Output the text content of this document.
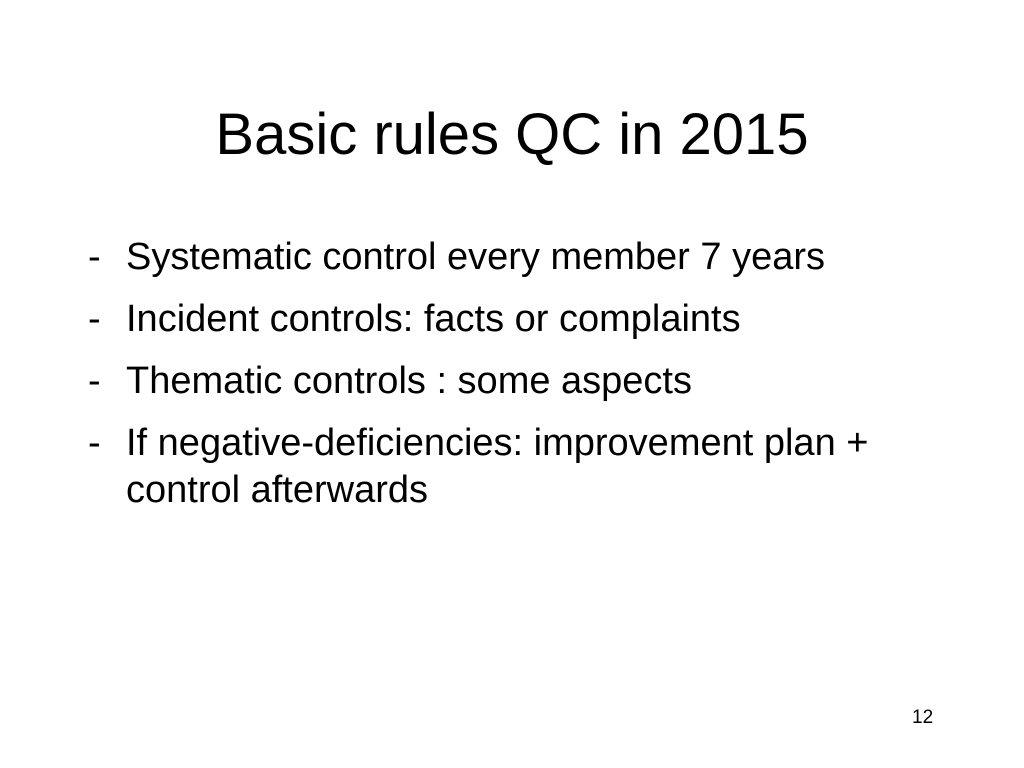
Basic rules QC in 2015
- Systematic control every member 7 years
- Incident controls: facts or complaints
- Thematic controls : some aspects
- If negative-deficiencies: improvement plan + control afterwards
12
